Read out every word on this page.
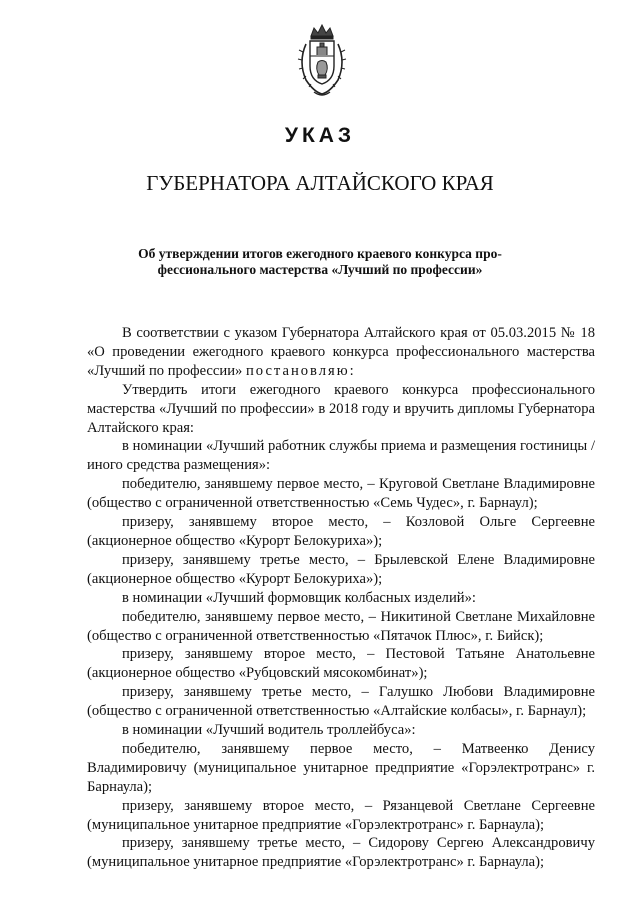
УКАЗ
ГУБЕРНАТОРА АЛТАЙСКОГО КРАЯ
Об утверждении итогов ежегодного краевого конкурса про-
фессионального мастерства «Лучший по профессии»

В соответствии с указом Губернатора Алтайского края от 05.03.2015 № 18 «О проведении ежегодного краевого конкурса профессионального мастерства «Лучший по профессии» постановляю:

Утвердить итоги ежегодного краевого конкурса профессионального мастерства «Лучший по профессии» в 2018 году и вручить дипломы Губернатора Алтайского края:

в номинации «Лучший работник службы приема и размещения гостиницы / иного средства размещения»:

победителю, занявшему первое место, – Круговой Светлане Владимировне (общество с ограниченной ответственностью «Семь Чудес», г. Барнаул);

призеру, занявшему второе место, – Козловой Ольге Сергеевне (акционерное общество «Курорт Белокуриха»);

призеру, занявшему третье место, – Брылевской Елене Владимировне (акционерное общество «Курорт Белокуриха»);

в номинации «Лучший формовщик колбасных изделий»:

победителю, занявшему первое место, – Никитиной Светлане Михайловне (общество с ограниченной ответственностью «Пятачок Плюс», г. Бийск);

призеру, занявшему второе место, – Пестовой Татьяне Анатольевне (акционерное общество «Рубцовский мясокомбинат»);

призеру, занявшему третье место, – Галушко Любови Владимировне (общество с ограниченной ответственностью «Алтайские колбасы», г. Барнаул);

в номинации «Лучший водитель троллейбуса»:

победителю, занявшему первое место, – Матвеенко Денису Владимировичу (муниципальное унитарное предприятие «Горэлектротранс» г. Барнаула);

призеру, занявшему второе место, – Рязанцевой Светлане Сергеевне (муниципальное унитарное предприятие «Горэлектротранс» г. Барнаула);

призеру, занявшему третье место, – Сидорову Сергею Александровичу (муниципальное унитарное предприятие «Горэлектротранс» г. Барнаула);
